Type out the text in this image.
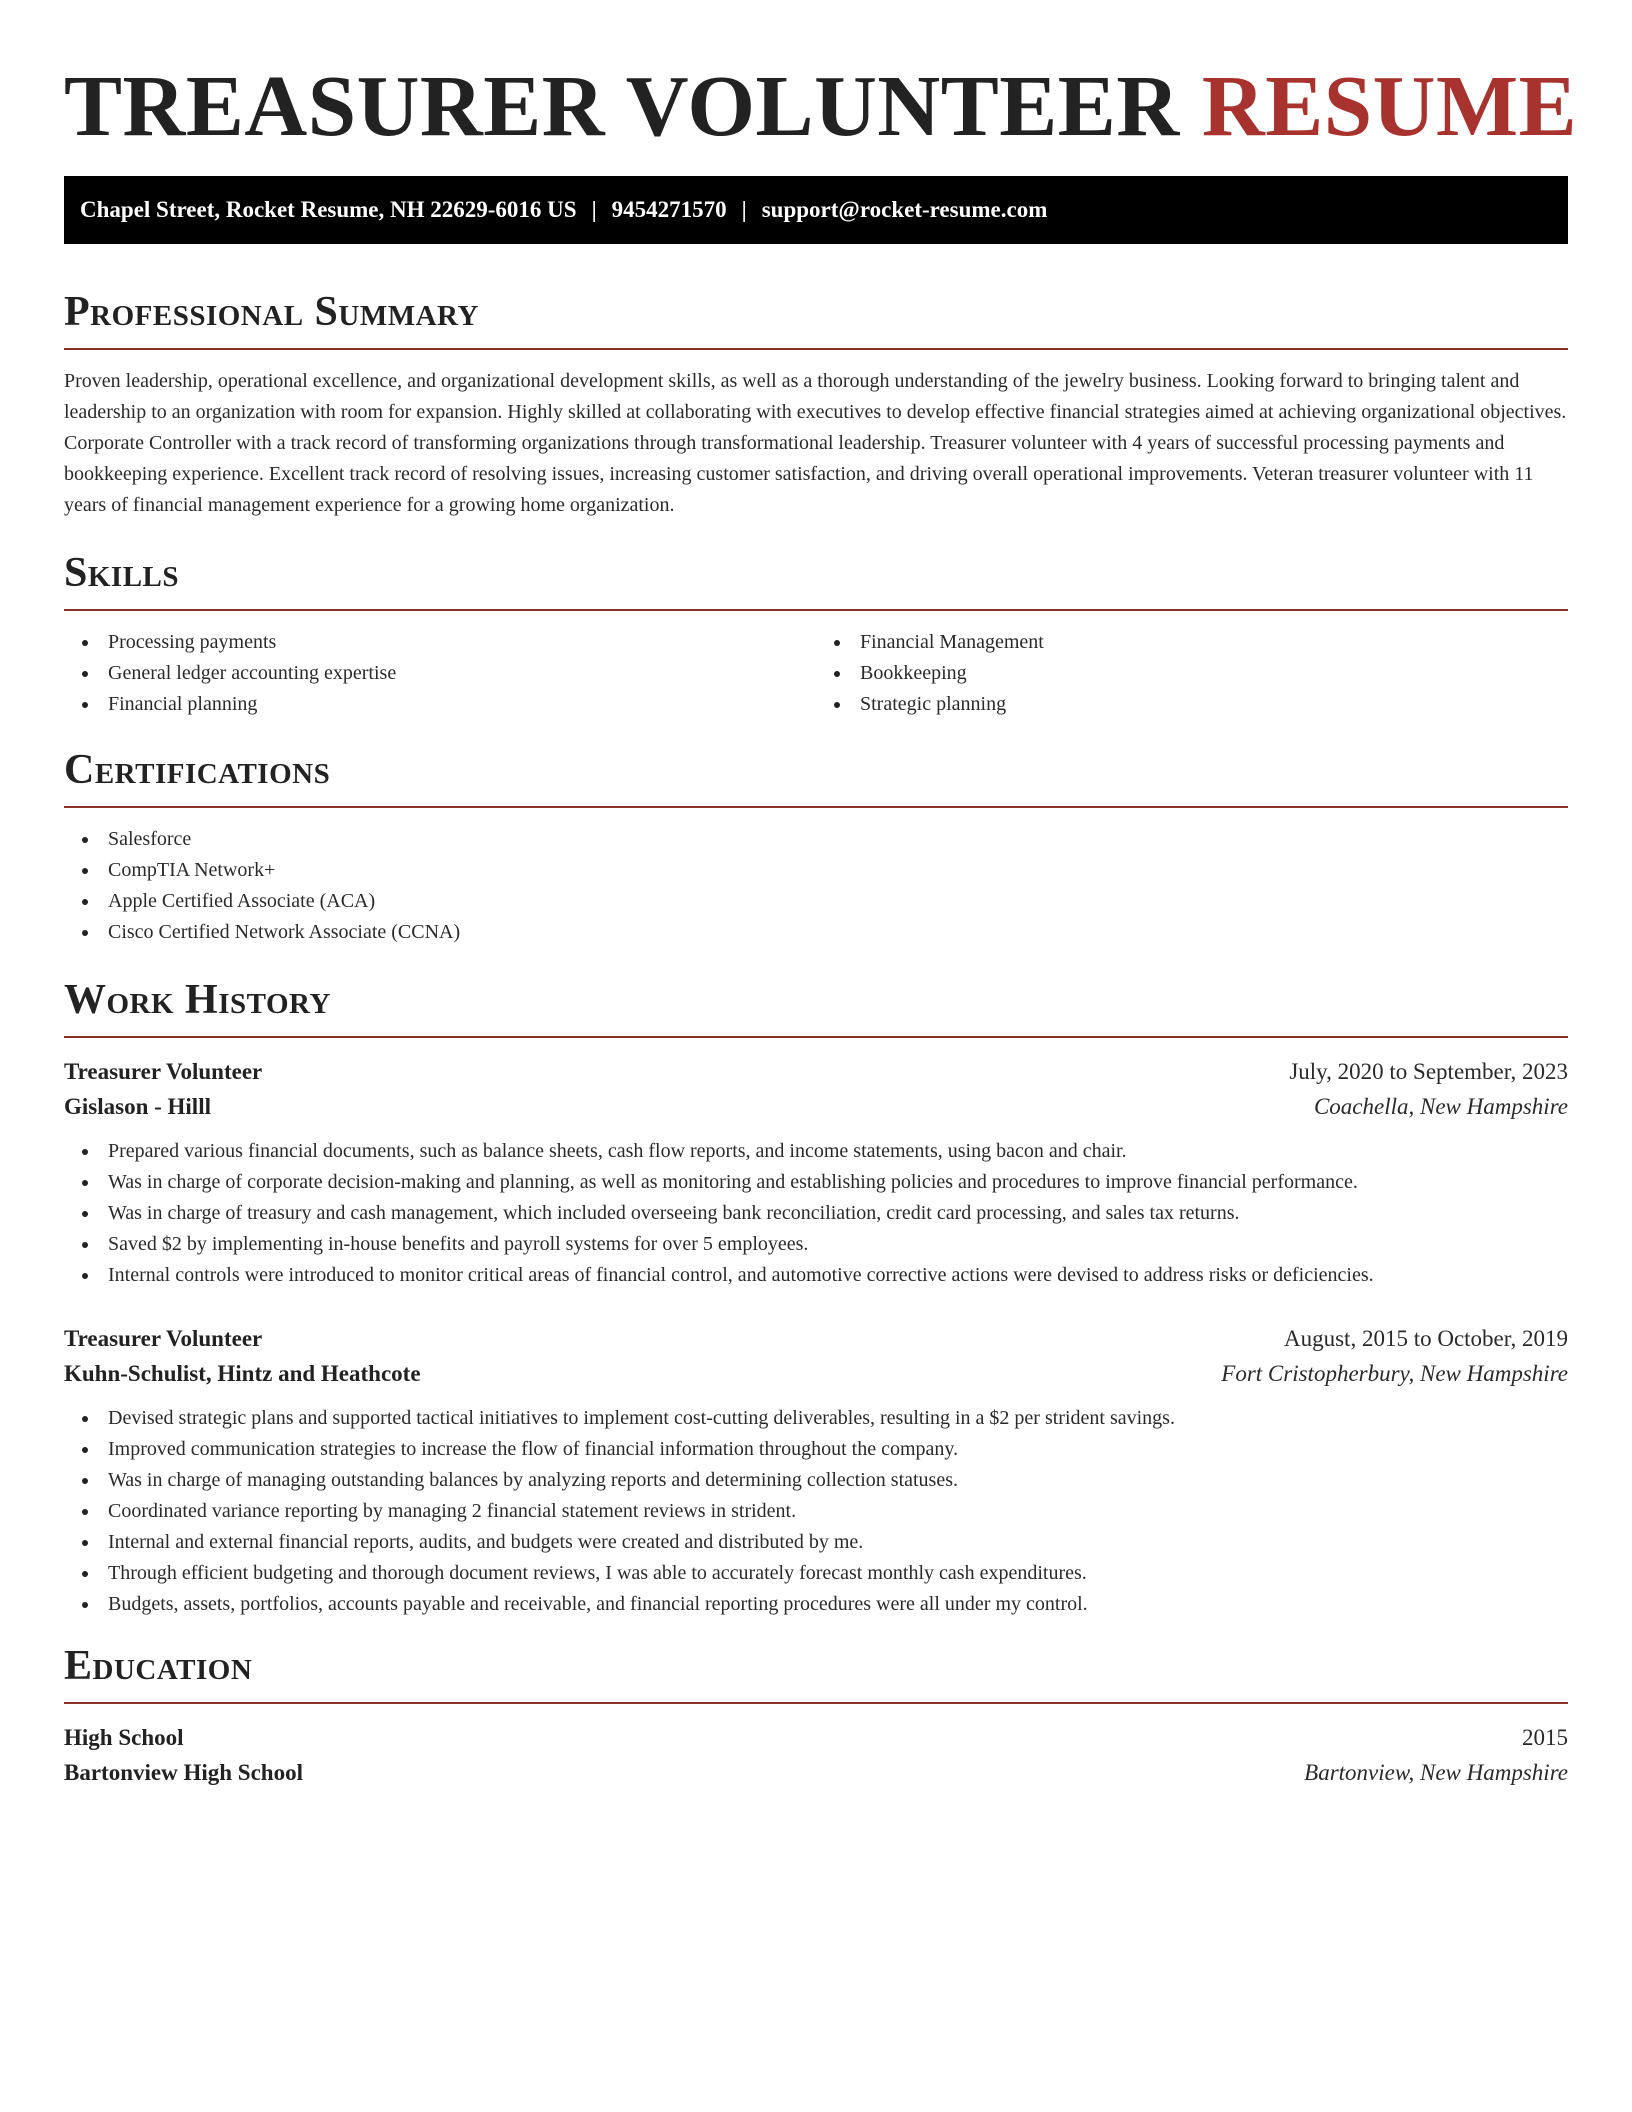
TREASURER VOLUNTEER RESUME
Chapel Street, Rocket Resume, NH 22629-6016 US | 9454271570 | support@rocket-resume.com
Professional Summary

Proven leadership, operational excellence, and organizational development skills, as well as a thorough understanding of the jewelry business. Looking forward to bringing talent and leadership to an organization with room for expansion. Highly skilled at collaborating with executives to develop effective financial strategies aimed at achieving organizational objectives. Corporate Controller with a track record of transforming organizations through transformational leadership. Treasurer volunteer with 4 years of successful processing payments and bookkeeping experience. Excellent track record of resolving issues, increasing customer satisfaction, and driving overall operational improvements. Veteran treasurer volunteer with 11 years of financial management experience for a growing home organization.

Skills
Processing payments
General ledger accounting expertise
Financial planning
Financial Management
Bookkeeping
Strategic planning
Certifications
Salesforce
CompTIA Network+
Apple Certified Associate (ACA)
Cisco Certified Network Associate (CCNA)
Work History
Treasurer Volunteer	July, 2020 to September, 2023
Gislason - Hilll	Coachella, New Hampshire
Prepared various financial documents, such as balance sheets, cash flow reports, and income statements, using bacon and chair.
Was in charge of corporate decision-making and planning, as well as monitoring and establishing policies and procedures to improve financial performance.
Was in charge of treasury and cash management, which included overseeing bank reconciliation, credit card processing, and sales tax returns.
Saved $2 by implementing in-house benefits and payroll systems for over 5 employees.
Internal controls were introduced to monitor critical areas of financial control, and automotive corrective actions were devised to address risks or deficiencies.
Treasurer Volunteer	August, 2015 to October, 2019
Kuhn-Schulist, Hintz and Heathcote	Fort Cristopherbury, New Hampshire
Devised strategic plans and supported tactical initiatives to implement cost-cutting deliverables, resulting in a $2 per strident savings.
Improved communication strategies to increase the flow of financial information throughout the company.
Was in charge of managing outstanding balances by analyzing reports and determining collection statuses.
Coordinated variance reporting by managing 2 financial statement reviews in strident.
Internal and external financial reports, audits, and budgets were created and distributed by me.
Through efficient budgeting and thorough document reviews, I was able to accurately forecast monthly cash expenditures.
Budgets, assets, portfolios, accounts payable and receivable, and financial reporting procedures were all under my control.
Education
High School	2015
Bartonview High School	Bartonview, New Hampshire
